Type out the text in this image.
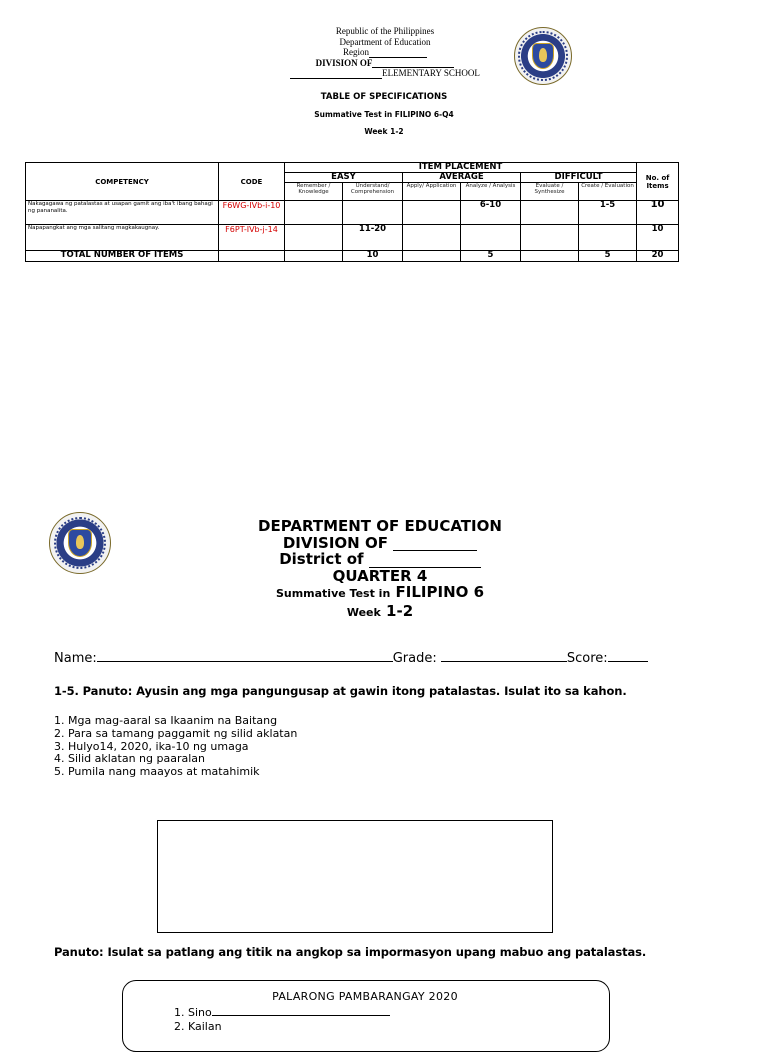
Republic of the Philippines
Department of Education
Region
DIVISION OF
ELEMENTARY SCHOOL
TABLE OF SPECIFICATIONS
Summative Test in FILIPINO 6-Q4
Week 1-2
COMPETENCY	CODE	ITEM PLACEMENT						No. of Items
		EASY		AVERAGE		DIFFICULT		
		Remember / Knowledge	Understand/ Comprehension	Apply/ Application	Analyze / Analysis	Evaluate / Synthesize	Create / Evaluation	
Nakagagawa ng patalastas at usapan gamit ang iba't ibang bahagi ng pananalita.	F6WG-IVb-i-10				6-10		1-5	10
Napapangkat ang mga salitang magkakaugnay.	F6PT-IVb-j-14		11-20					10
TOTAL NUMBER OF ITEMS			10		5		5	20
DEPARTMENT OF EDUCATION
DIVISION OF
District of
QUARTER 4
Summative Test in FILIPINO 6
Week 1-2
Name:	Grade:	Score:
1-5. Panuto: Ayusin ang mga pangungusap at gawin itong patalastas. Isulat ito sa kahon.
1. Mga mag-aaral sa Ikaanim na Baitang
2. Para sa tamang paggamit ng silid aklatan
3. Hulyo14, 2020, ika-10 ng umaga
4. Silid aklatan ng paaralan
5. Pumila nang maayos at matahimik
Panuto: Isulat sa patlang ang titik na angkop sa impormasyon upang mabuo ang patalastas.
PALARONG PAMBARANGAY 2020
1. Sino
2. Kailan
